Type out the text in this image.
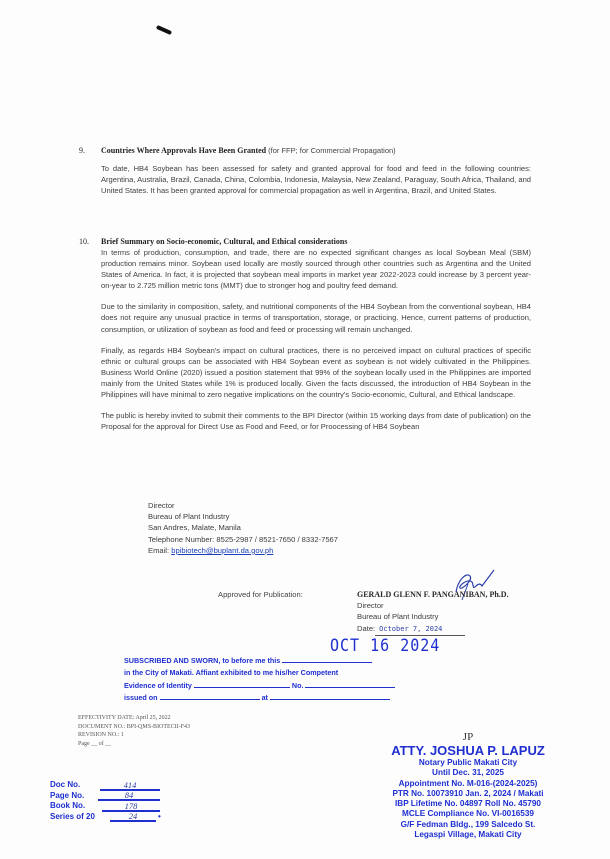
9. Countries Where Approvals Have Been Granted (for FFP; for Commercial Propagation)

To date, HB4 Soybean has been assessed for safety and granted approval for food and feed in the following countries: Argentina, Australia, Brazil, Canada, China, Colombia, Indonesia, Malaysia, New Zealand, Paraguay, South Africa, Thailand, and United States. It has been granted approval for commercial propagation as well in Argentina, Brazil, and United States.

10. Brief Summary on Socio-economic, Cultural, and Ethical considerations

In terms of production, consumption, and trade, there are no expected significant changes as local Soybean Meal (SBM) production remains minor. Soybean used locally are mostly sourced through other countries such as Argentina and the United States of America. In fact, it is projected that soybean meal imports in market year 2022-2023 could increase by 3 percent year-on-year to 2.725 million metric tons (MMT) due to stronger hog and poultry feed demand.

Due to the similarity in composition, safety, and nutritional components of the HB4 Soybean from the conventional soybean, HB4 does not require any unusual practice in terms of transportation, storage, or practicing. Hence, current patterns of production, consumption, or utilization of soybean as food and feed or processing will remain unchanged.

Finally, as regards HB4 Soybean's impact on cultural practices, there is no perceived impact on cultural practices of specific ethnic or cultural groups can be associated with HB4 Soybean event as soybean is not widely cultivated in the Philippines. Business World Online (2020) issued a position statement that 99% of the soybean locally used in the Philippines are imported mainly from the United States while 1% is produced locally. Given the facts discussed, the introduction of HB4 Soybean in the Philippines will have minimal to zero negative implications on the country's Socio-economic, Cultural, and Ethical landscape.

The public is hereby invited to submit their comments to the BPI Director (within 15 working days from date of publication) on the Proposal for the approval for Direct Use as Food and Feed, or for Proocessing of HB4 Soybean

Director
Bureau of Plant Industry
San Andres, Malate, Manila
Telephone Number: 8525-2987 / 8521-7650 / 8332-7567
Email: bpibiotech@buplant.da.gov.ph
Approved for Publication:	GERALD GLENN F. PANGANIBAN, Ph.D.
Director
Bureau of Plant Industry
Date: October 7, 2024
OCT 16 2024
SUBSCRIBED AND SWORN, to before me this
in the City of Makati. Affiant exhibited to me his/her Competent
Evidence of Identity	No.
issued on	at
EFFECTIVITY DATE: April 25, 2022
DOCUMENT NO.: BPI-QMS-BIOTECII-F43
REVISION NO.: 1
Page __ of __
JP
ATTY. JOSHUA P. LAPUZ
Notary Public Makati City
Until Dec. 31, 2025
Appointment No. M-016-(2024-2025)
PTR No. 10073910 Jan. 2, 2024 / Makati
IBP Lifetime No. 04897 Roll No. 45790
MCLE Compliance No. VI-0016539
G/F Fedman Bldg., 199 Salcedo St.
Legaspi Village, Makati City
Doc No.	414
Page No.	84
Book No.	178
Series of 20	24	•
